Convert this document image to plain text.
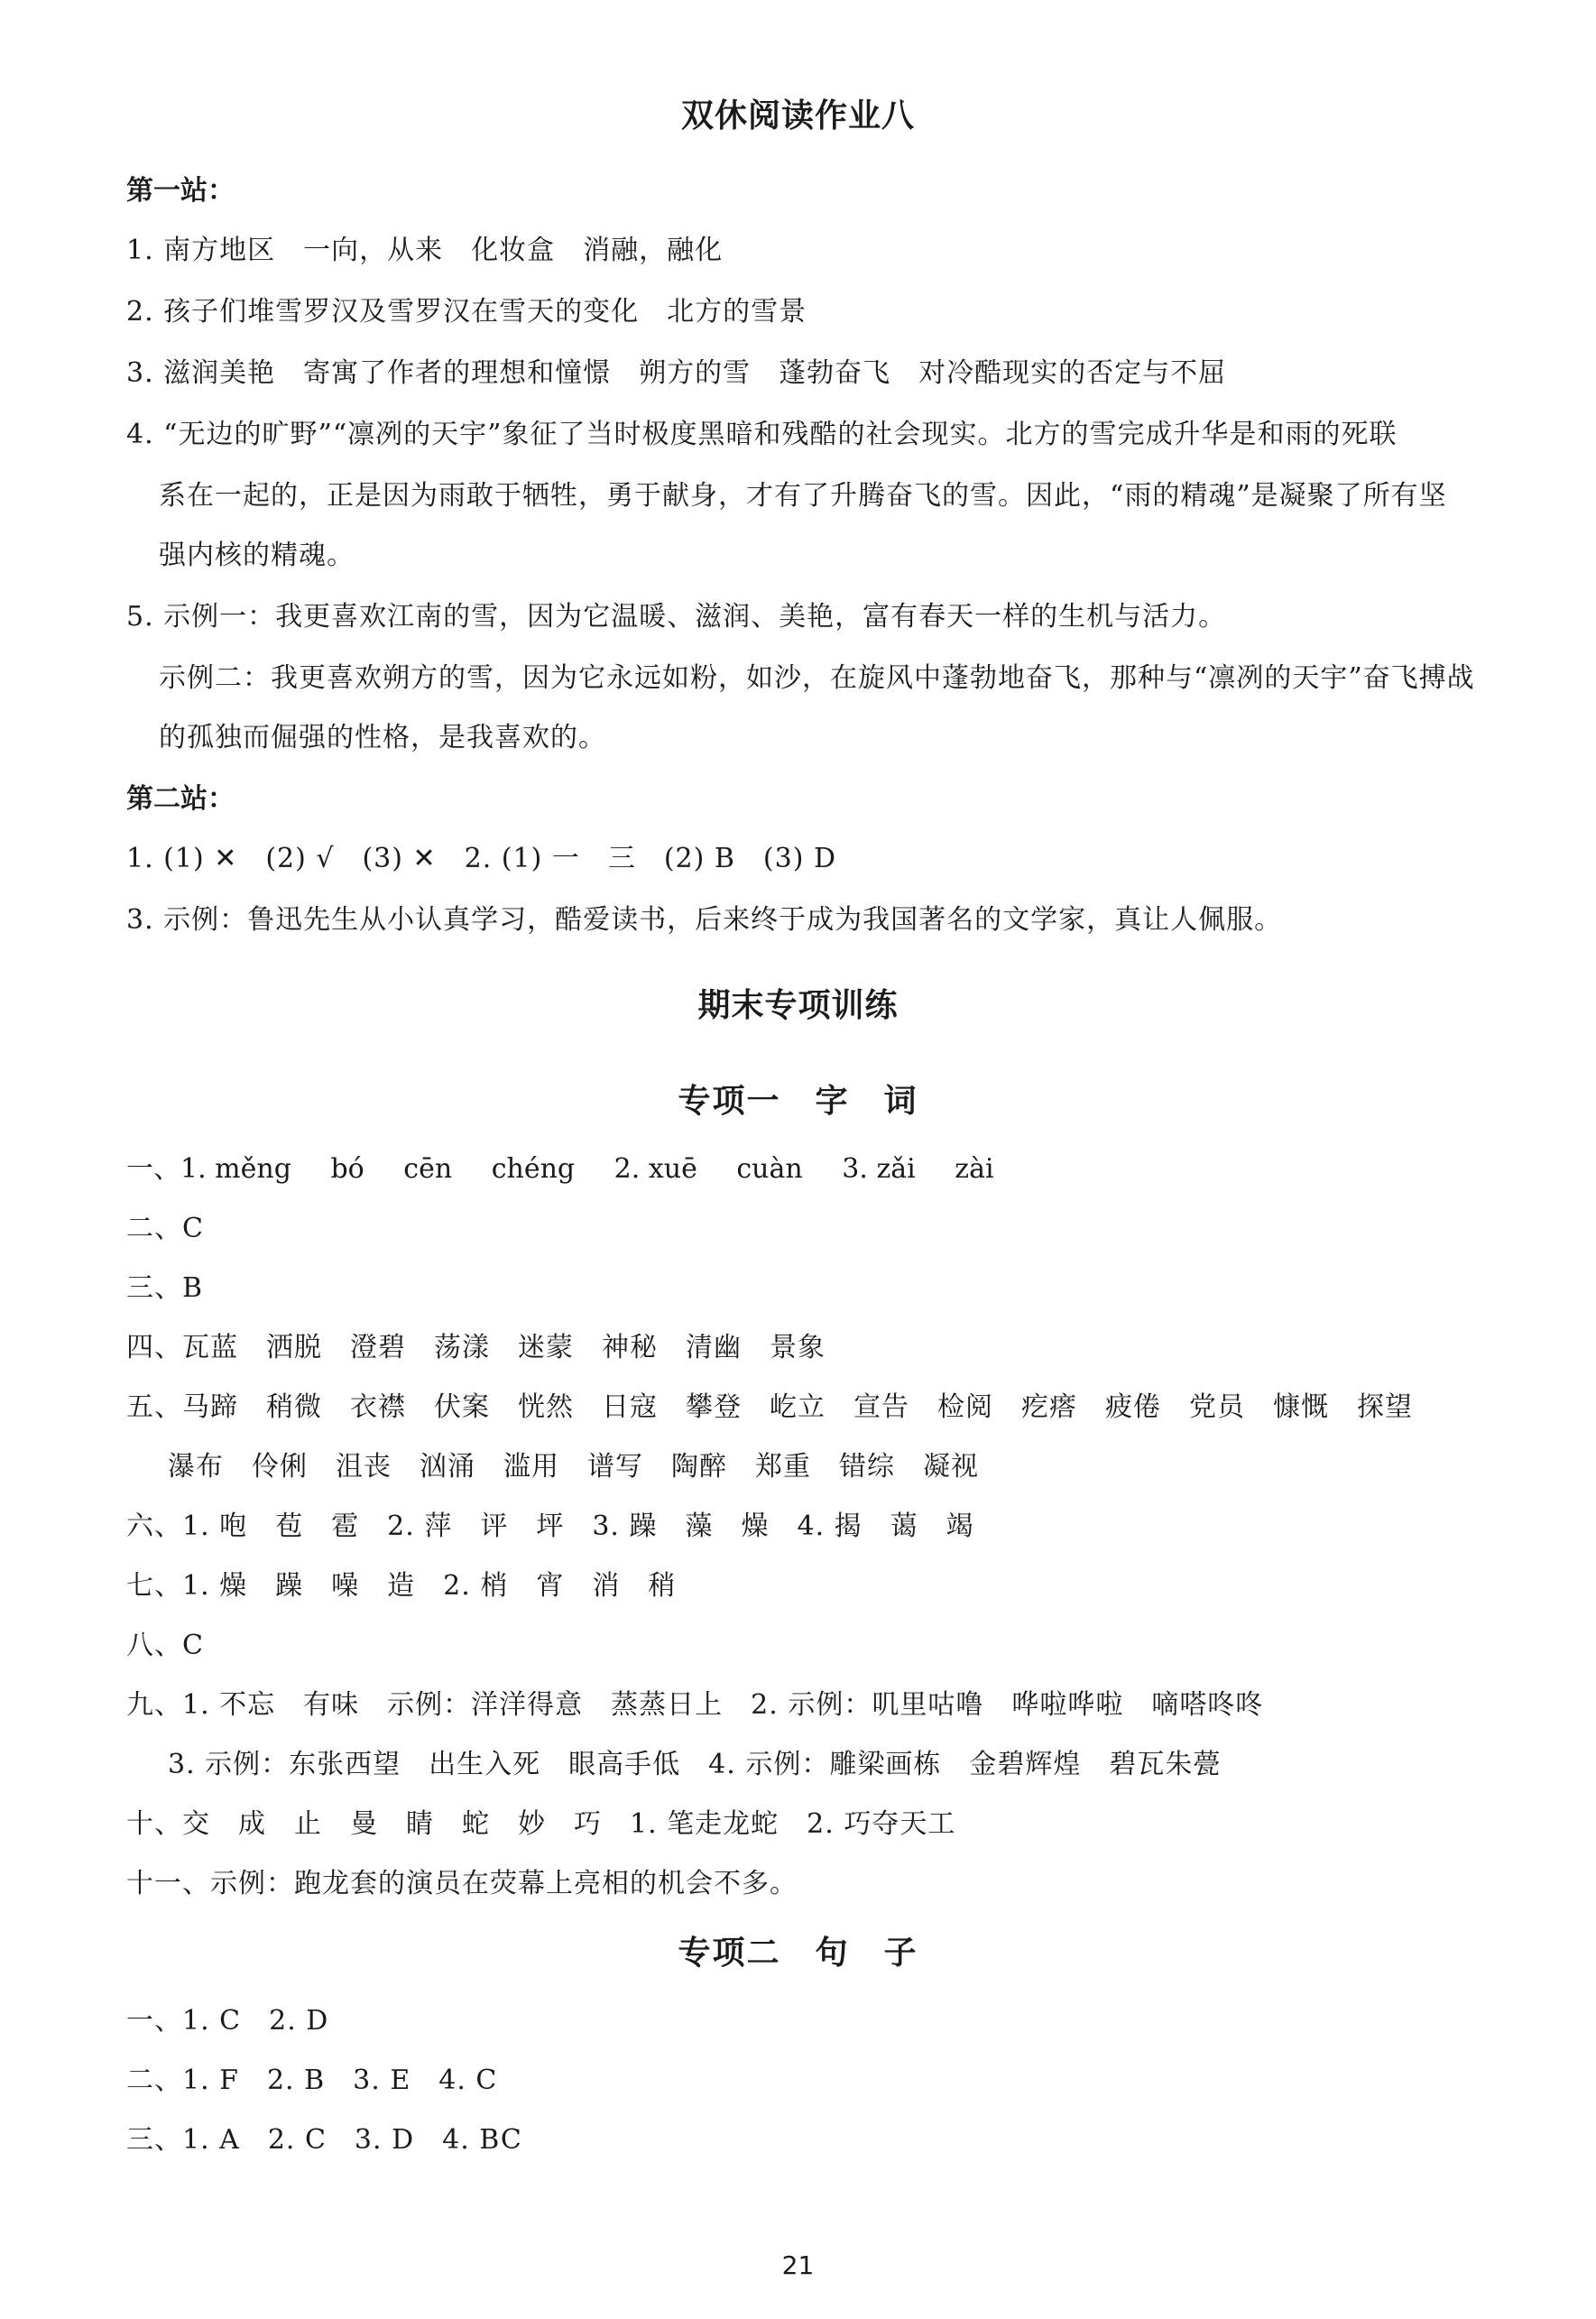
双休阅读作业八
第一站：
1. 南方地区　一向，从来　化妆盒　消融，融化
2. 孩子们堆雪罗汉及雪罗汉在雪天的变化　北方的雪景
3. 滋润美艳　寄寓了作者的理想和憧憬　朔方的雪　蓬勃奋飞　对冷酷现实的否定与不屈
4. “无边的旷野”“凛冽的天宇”象征了当时极度黑暗和残酷的社会现实。北方的雪完成升华是和雨的死联
系在一起的，正是因为雨敢于牺牲，勇于献身，才有了升腾奋飞的雪。因此，“雨的精魂”是凝聚了所有坚
强内核的精魂。
5. 示例一：我更喜欢江南的雪，因为它温暖、滋润、美艳，富有春天一样的生机与活力。
示例二：我更喜欢朔方的雪，因为它永远如粉，如沙，在旋风中蓬勃地奋飞，那种与“凛冽的天宇”奋飞搏战
的孤独而倔强的性格，是我喜欢的。
第二站：
1. (1) ✕　(2) √　(3) ✕　2. (1) 一　三　(2) B　(3) D
3. 示例：鲁迅先生从小认真学习，酷爱读书，后来终于成为我国著名的文学家，真让人佩服。
期末专项训练
专项一　字　词
一、1. měng bó cēn chéng 2. xuē cuàn 3. zǎi zài
二、C
三、B
四、瓦蓝　洒脱　澄碧　荡漾　迷蒙　神秘　清幽　景象
五、马蹄　稍微　衣襟　伏案　恍然　日寇　攀登　屹立　宣告　检阅　疙瘩　疲倦　党员　慷慨　探望
瀑布　伶俐　沮丧　汹涌　滥用　谱写　陶醉　郑重　错综　凝视
六、1. 咆　苞　雹　2. 萍　评　坪　3. 躁　藻　燥　4. 揭　蔼　竭
七、1. 燥　躁　噪　造　2. 梢　宵　消　稍
八、C
九、1. 不忘　有味　示例：洋洋得意　蒸蒸日上　2. 示例：叽里咕噜　哗啦哗啦　嘀嗒咚咚
3. 示例：东张西望　出生入死　眼高手低　4. 示例：雕梁画栋　金碧辉煌　碧瓦朱甍
十、交　成　止　曼　睛　蛇　妙　巧　1. 笔走龙蛇　2. 巧夺天工
十一、示例：跑龙套的演员在荧幕上亮相的机会不多。
专项二　句　子
一、1. C　2. D
二、1. F　2. B　3. E　4. C
三、1. A　2. C　3. D　4. BC
21
